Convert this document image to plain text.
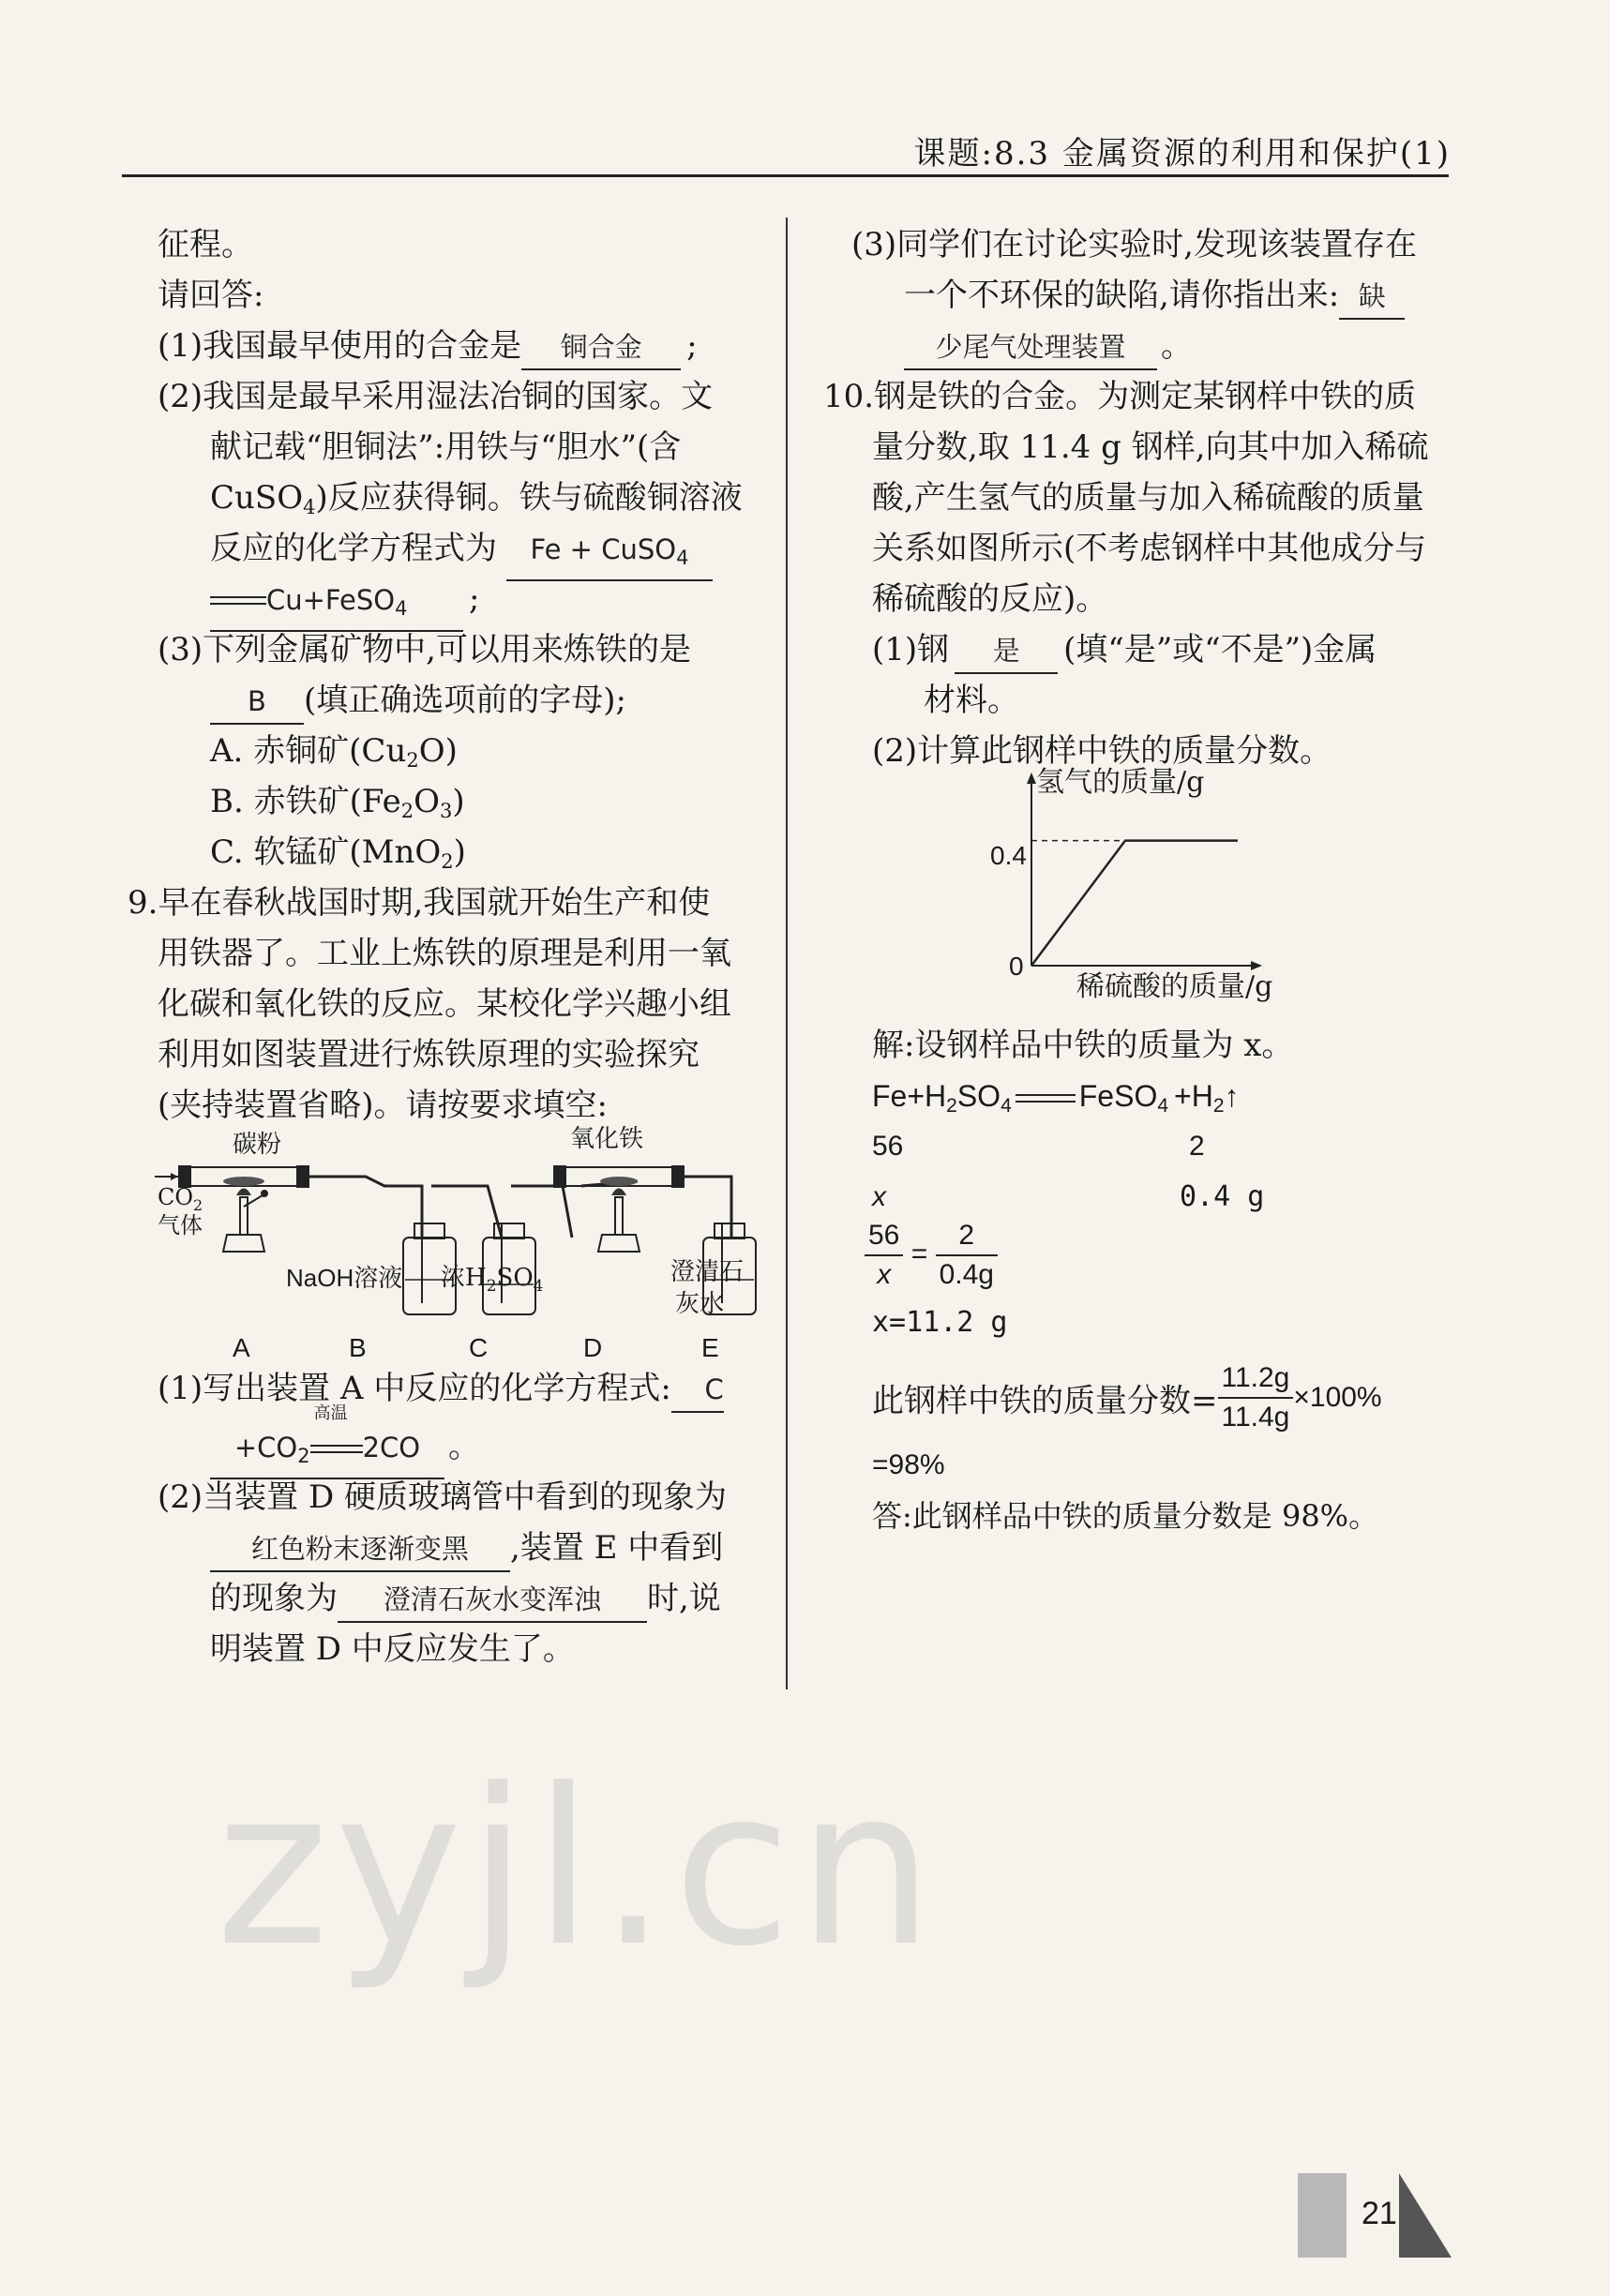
课题:8.3 金属资源的利用和保护(1)
征程。
请回答:
(1)我国最早使用的合金是 铜合金 ;
(2)我国是最早采用湿法冶铜的国家。文
献记载“胆铜法”:用铁与“胆水”(含
CuSO$_4$)反应获得铜。铁与硫酸铜溶液
反应的化学方程式为 Fe + CuSO$_4$
Cu+FeSO$_4$ ;
(3)下列金属矿物中,可以用来炼铁的是
B (填正确选项前的字母);
A. 赤铜矿$(Cu_2O)$
B. 赤铁矿$(Fe_2O_3)$
C. 软锰矿(MnO$_2$)
9.早在春秋战国时期,我国就开始生产和使
用铁器了。工业上炼铁的原理是利用一氧
化碳和氧化铁的反应。某校化学兴趣小组
利用如图装置进行炼铁原理的实验探究
(夹持装置省略)。请按要求填空:
碳粉	氧化铁
$CO_2$
气体
NaOH溶液 浓$H_2SO_4$	澄清石
灰水
A	B	C	D	E
(1)写出装置 A 中反应的化学方程式: C
$+CO_2$
高温
2CO 。
(2)当装置 D 硬质玻璃管中看到的现象为
红色粉末逐渐变黑 ,装置 E 中看到
的现象为 澄清石灰水变浑浊 时,说
明装置 D 中反应发生了。
(3)同学们在讨论实验时,发现该装置存在
一个不环保的缺陷,请你指出来: 缺
少尾气处理装置 。
10.钢是铁的合金。为测定某钢样中铁的质
量分数,取 11.4 g 钢样,向其中加入稀硫
酸,产生氢气的质量与加入稀硫酸的质量
关系如图所示(不考虑钢样中其他成分与
稀硫酸的反应)。
(1)钢 是 (填“是”或“不是”)金属
材料。
(2)计算此钢样中铁的质量分数。
氢气的质量/g
0.4
0
稀硫酸的质量/g
解:设钢样品中铁的质量为 x。
$Fe+H_2SO_4$ FeSO$_4$ $+H_2↑$
56	2
x	0.4 g
$\frac{56}{x} = \frac{2}{0.4g}$
x=11.2 g
此钢样中铁的质量分数= $\frac{11.2g}{11.4g} \times 100\%$
=98%
答:此钢样品中铁的质量分数是 98%。
zyjl.cn
21
